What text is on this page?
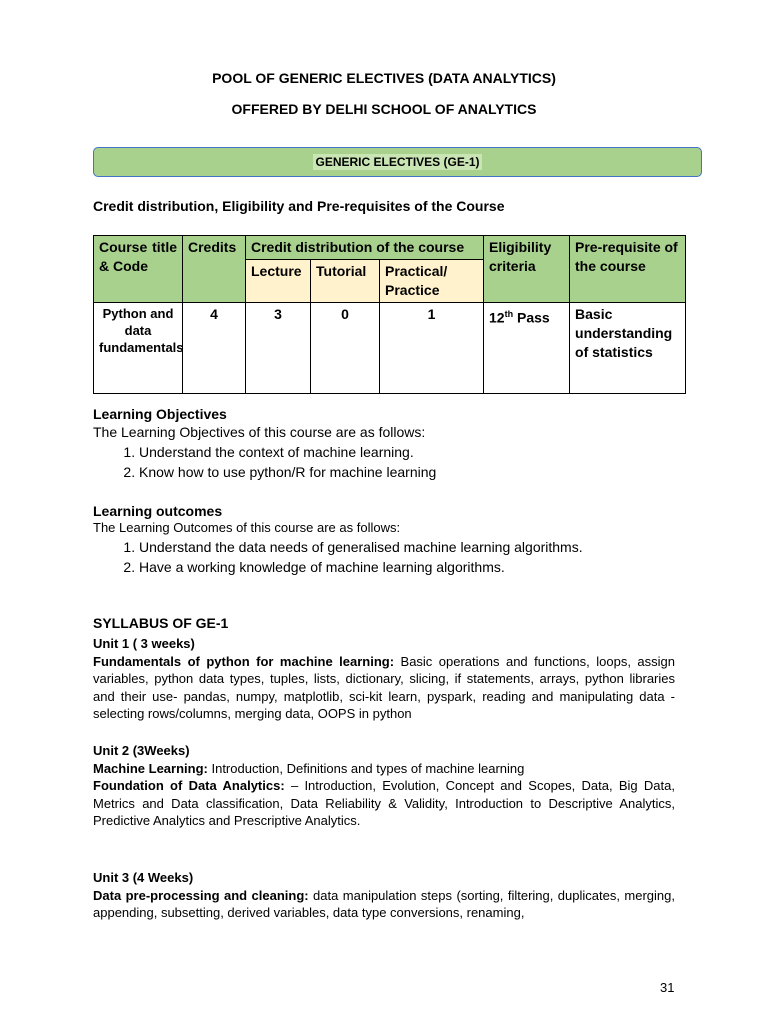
POOL OF GENERIC ELECTIVES (DATA ANALYTICS)
OFFERED BY DELHI SCHOOL OF ANALYTICS
GENERIC ELECTIVES (GE-1)
Credit distribution, Eligibility and Pre-requisites of the Course
Course title & Code	Credits	Credit distribution of the course			Eligibility criteria	Pre-requisite of the course
		Lecture	Tutorial	Practical/ Practice		
Python and data fundamentals	4	3	0	1	12th Pass	Basic understanding of statistics
Learning Objectives
The Learning Objectives of this course are as follows:
1. Understand the context of machine learning.
2. Know how to use python/R for machine learning
Learning outcomes
The Learning Outcomes of this course are as follows:
1. Understand the data needs of generalised machine learning algorithms.
2. Have a working knowledge of machine learning algorithms.
SYLLABUS OF GE-1
Unit 1 ( 3 weeks)
Fundamentals of python for machine learning: Basic operations and functions, loops, assign variables, python data types, tuples, lists, dictionary, slicing, if statements, arrays, python libraries and their use- pandas, numpy, matplotlib, sci-kit learn, pyspark, reading and manipulating data -selecting rows/columns, merging data, OOPS in python
Unit 2 (3Weeks)
Machine Learning: Introduction, Definitions and types of machine learning
Foundation of Data Analytics: – Introduction, Evolution, Concept and Scopes, Data, Big Data, Metrics and Data classification, Data Reliability & Validity, Introduction to Descriptive Analytics, Predictive Analytics and Prescriptive Analytics.
Unit 3 (4 Weeks)
Data pre-processing and cleaning: data manipulation steps (sorting, filtering, duplicates, merging, appending, subsetting, derived variables, data type conversions, renaming,
31
